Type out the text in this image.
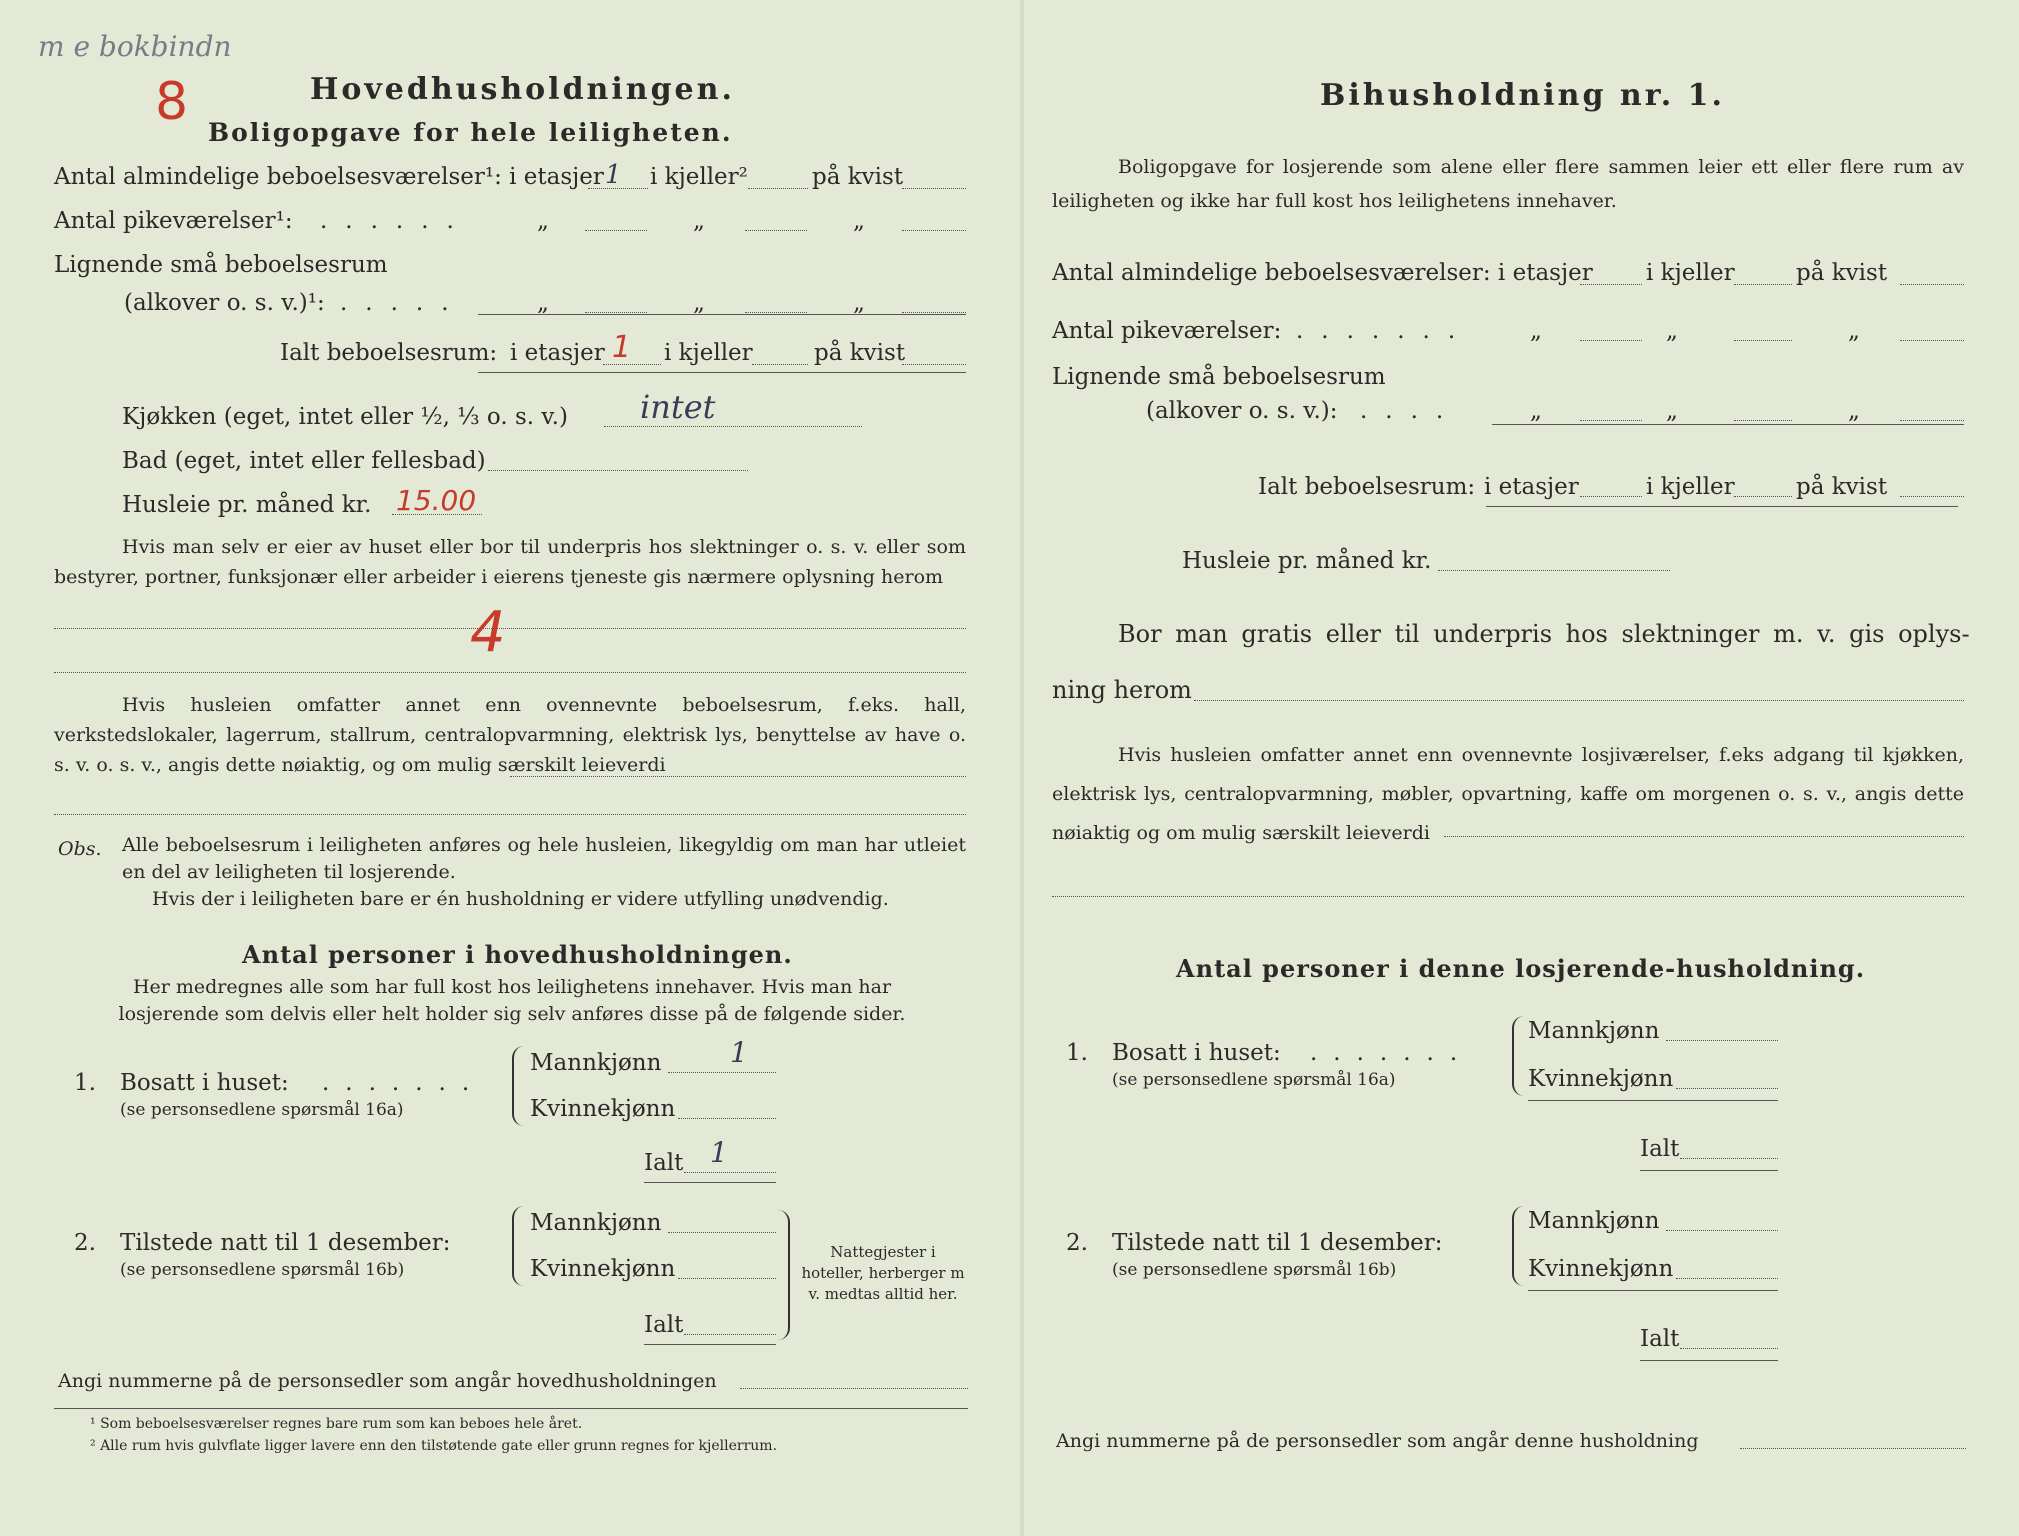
m e bokbindn
8	Hovedhusholdningen.
Boligopgave for hele leiligheten.
Antal almindelige beboelsesværelser¹: i etasjer 1 i kjeller²	på kvist
Antal pikeværelser¹: ......	„	„	„
Lignende små beboelsesrum
(alkover o. s. v.)¹: .....	„	„	„
Ialt beboelsesrum: i etasjer 1 i kjeller	på kvist
Kjøkken (eget, intet eller ½, ⅓ o. s. v.) intet
Bad (eget, intet eller fellesbad)
Husleie pr. måned kr. 15.00

Hvis man selv er eier av huset eller bor til underpris hos slektninger o. s. v. eller som bestyrer, portner, funksjonær eller arbeider i eierens tjeneste gis nærmere oplysning herom

4

Hvis husleien omfatter annet enn ovennevnte beboelsesrum, f.eks. hall, verkstedslokaler, lagerrum, stallrum, centralopvarmning, elektrisk lys, benyttelse av have o. s. v. o. s. v., angis dette nøiaktig, og om mulig særskilt leieverdi

Obs. Alle beboelsesrum i leiligheten anføres og hele husleien, likegyldig om man har utleiet en del av leiligheten til losjerende.

Hvis der i leiligheten bare er én husholdning er videre utfylling unødvendig.
Antal personer i hovedhusholdningen.

Her medregnes alle som har full kost hos leilighetens innehaver. Hvis man har losjerende som delvis eller helt holder sig selv anføres disse på de følgende sider.

1. Bosatt i huset: .......
(se personsedlene spørsmål 16a)
Mannkjønn 1
Kvinnekjønn
Ialt 1
2. Tilstede natt til 1 desember:
(se personsedlene spørsmål 16b)
Mannkjønn
Kvinnekjønn
Ialt

Nattegjester i hoteller, herberger m v. medtas alltid her.

Angi nummerne på de personsedler som angår hovedhusholdningen
¹ Som beboelsesværelser regnes bare rum som kan beboes hele året.
² Alle rum hvis gulvflate ligger lavere enn den tilstøtende gate eller grunn regnes for kjellerrum.
Bihusholdning nr. 1.

Boligopgave for losjerende som alene eller flere sammen leier ett eller flere rum av leiligheten og ikke har full kost hos leilighetens innehaver.

Antal almindelige beboelsesværelser: i etasjer i kjeller	på kvist
Antal pikeværelser: ....... „	„	„
Lignende små beboelsesrum
(alkover o. s. v.): ....	„	„	„
Ialt beboelsesrum: i etasjer	i kjeller	på kvist
Husleie pr. måned kr.
Bor man gratis eller til underpris hos slektninger m. v. gis oplys-
ning herom

Hvis husleien omfatter annet enn ovennevnte losjiværelser, f.eks adgang til kjøkken, elektrisk lys, centralopvarmning, møbler, opvartning, kaffe om morgenen o. s. v., angis dette nøiaktig og om mulig særskilt leieverdi

Antal personer i denne losjerende-husholdning.
1. Bosatt i huset: .......
(se personsedlene spørsmål 16a)
Mannkjønn
Kvinnekjønn
Ialt
2. Tilstede natt til 1 desember:
(se personsedlene spørsmål 16b)
Mannkjønn
Kvinnekjønn
Ialt
Angi nummerne på de personsedler som angår denne husholdning
